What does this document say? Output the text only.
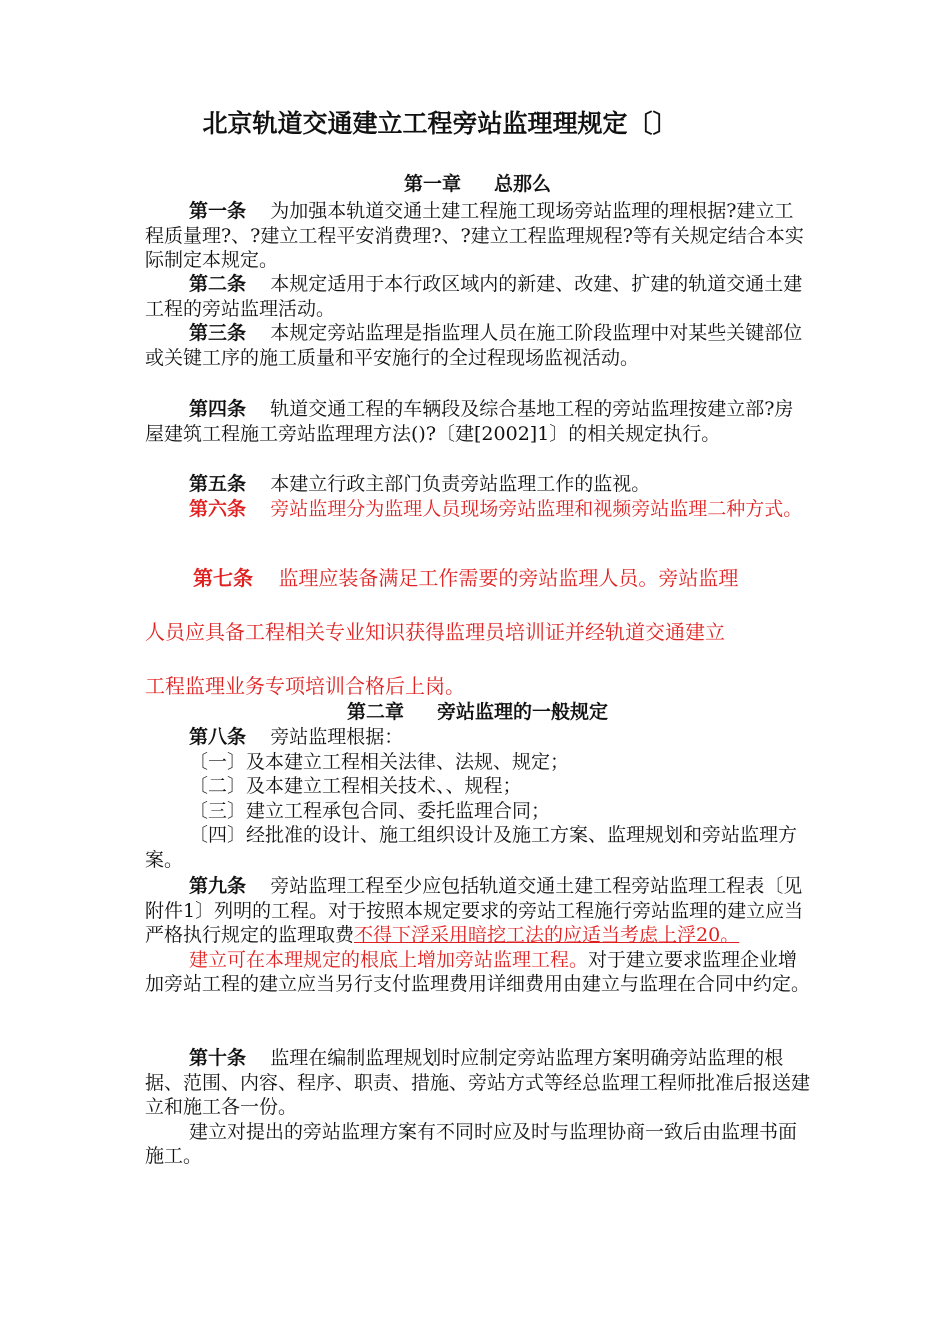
北京轨道交通建立工程旁站监理理规定〔〕
第一章 总那么
第一条 为加强本轨道交通土建工程施工现场旁站监理的理根据?建立工程质量理?、?建立工程平安消费理?、?建立工程监理规程?等有关规定结合本实际制定本规定。
第二条 本规定适用于本行政区域内的新建、改建、扩建的轨道交通土建工程的旁站监理活动。
第三条 本规定旁站监理是指监理人员在施工阶段监理中对某些关键部位或关键工序的施工质量和平安施行的全过程现场监视活动。
第四条 轨道交通工程的车辆段及综合基地工程的旁站监理按建立部?房屋建筑工程施工旁站监理理方法()?〔建[2002]1〕的相关规定执行。
第五条 本建立行政主部门负责旁站监理工作的监视。
第六条 旁站监理分为监理人员现场旁站监理和视频旁站监理二种方式。
第七条 监理应装备满足工作需要的旁站监理人员。旁站监理
人员应具备工程相关专业知识获得监理员培训证并经轨道交通建立
工程监理业务专项培训合格后上岗。
第二章 旁站监理的一般规定
第八条 旁站监理根据：
〔一〕及本建立工程相关法律、法规、规定；
〔二〕及本建立工程相关技术、、规程；
〔三〕建立工程承包合同、委托监理合同；
〔四〕经批准的设计、施工组织设计及施工方案、监理规划和旁站监理方案。
第九条 旁站监理工程至少应包括轨道交通土建工程旁站监理工程表〔见附件1〕列明的工程。对于按照本规定要求的旁站工程施行旁站监理的建立应当严格执行规定的监理取费不得下浮采用暗挖工法的应适当考虑上浮20。
建立可在本理规定的根底上增加旁站监理工程。对于建立要求监理企业增加旁站工程的建立应当另行支付监理费用详细费用由建立与监理在合同中约定。
第十条 监理在编制监理规划时应制定旁站监理方案明确旁站监理的根据、范围、内容、程序、职责、措施、旁站方式等经总监理工程师批准后报送建立和施工各一份。
建立对提出的旁站监理方案有不同时应及时与监理协商一致后由监理书面施工。
